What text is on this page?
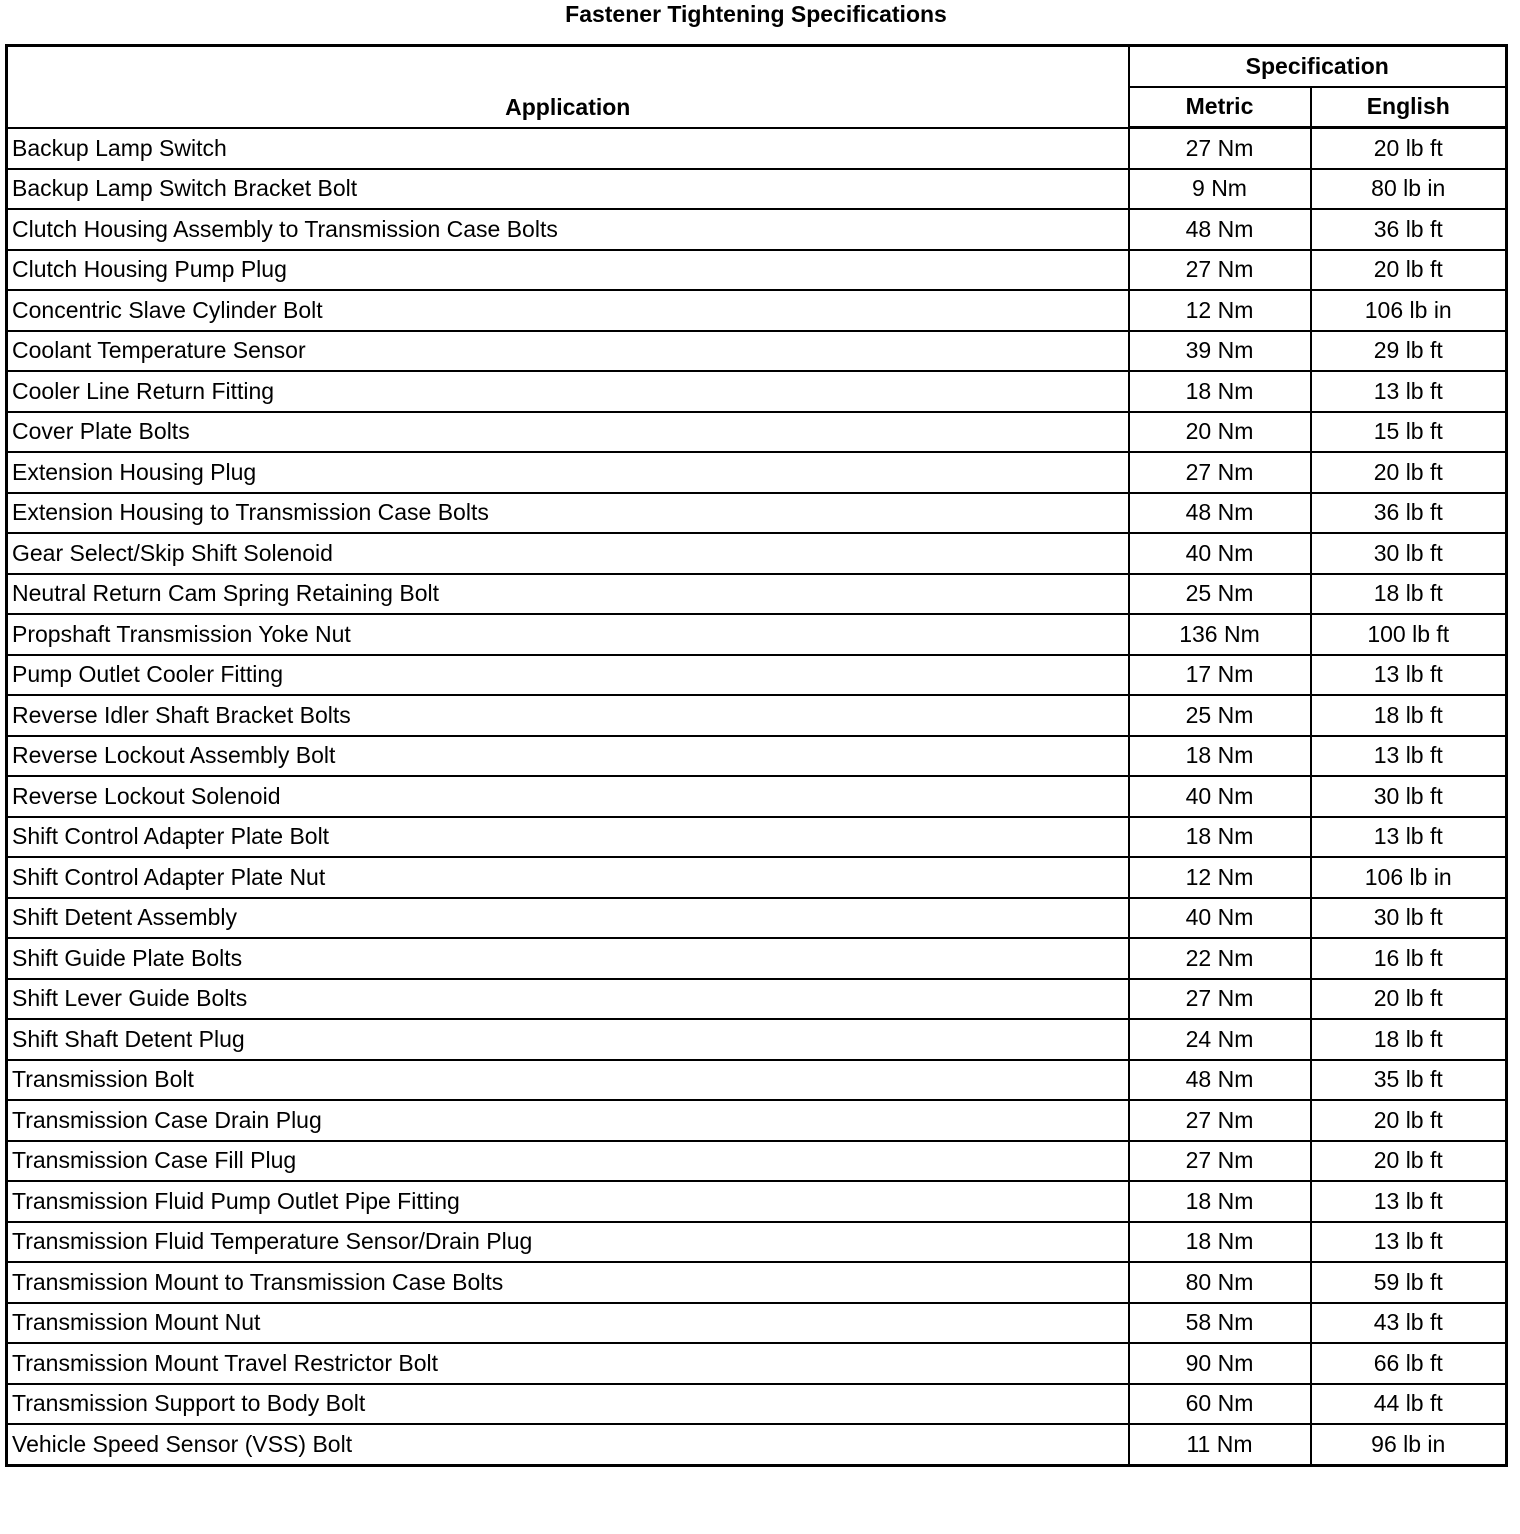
Fastener Tightening Specifications
Application	Specification	
	Metric	English
Backup Lamp Switch	27 Nm	20 lb ft
Backup Lamp Switch Bracket Bolt	9 Nm	80 lb in
Clutch Housing Assembly to Transmission Case Bolts	48 Nm	36 lb ft
Clutch Housing Pump Plug	27 Nm	20 lb ft
Concentric Slave Cylinder Bolt	12 Nm	106 lb in
Coolant Temperature Sensor	39 Nm	29 lb ft
Cooler Line Return Fitting	18 Nm	13 lb ft
Cover Plate Bolts	20 Nm	15 lb ft
Extension Housing Plug	27 Nm	20 lb ft
Extension Housing to Transmission Case Bolts	48 Nm	36 lb ft
Gear Select/Skip Shift Solenoid	40 Nm	30 lb ft
Neutral Return Cam Spring Retaining Bolt	25 Nm	18 lb ft
Propshaft Transmission Yoke Nut	136 Nm	100 lb ft
Pump Outlet Cooler Fitting	17 Nm	13 lb ft
Reverse Idler Shaft Bracket Bolts	25 Nm	18 lb ft
Reverse Lockout Assembly Bolt	18 Nm	13 lb ft
Reverse Lockout Solenoid	40 Nm	30 lb ft
Shift Control Adapter Plate Bolt	18 Nm	13 lb ft
Shift Control Adapter Plate Nut	12 Nm	106 lb in
Shift Detent Assembly	40 Nm	30 lb ft
Shift Guide Plate Bolts	22 Nm	16 lb ft
Shift Lever Guide Bolts	27 Nm	20 lb ft
Shift Shaft Detent Plug	24 Nm	18 lb ft
Transmission Bolt	48 Nm	35 lb ft
Transmission Case Drain Plug	27 Nm	20 lb ft
Transmission Case Fill Plug	27 Nm	20 lb ft
Transmission Fluid Pump Outlet Pipe Fitting	18 Nm	13 lb ft
Transmission Fluid Temperature Sensor/Drain Plug	18 Nm	13 lb ft
Transmission Mount to Transmission Case Bolts	80 Nm	59 lb ft
Transmission Mount Nut	58 Nm	43 lb ft
Transmission Mount Travel Restrictor Bolt	90 Nm	66 lb ft
Transmission Support to Body Bolt	60 Nm	44 lb ft
Vehicle Speed Sensor (VSS) Bolt	11 Nm	96 lb in
